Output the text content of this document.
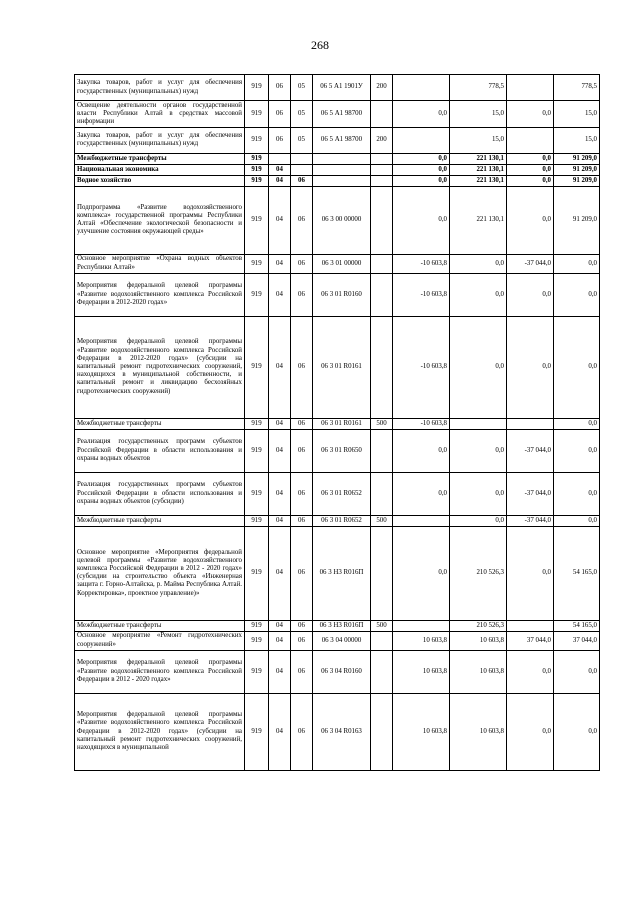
268
Закупка товаров, работ и услуг для обеспечения государственных (муниципальных) нужд	919	06	05	06 5 А1 1901У	200		778,5		778,5
Освещение деятельности органов государственной власти Республики Алтай в средствах массовой информации	919	06	05	06 5 А1 98700		0,0	15,0	0,0	15,0
Закупка товаров, работ и услуг для обеспечения государственных (муниципальных) нужд	919	06	05	06 5 А1 98700	200		15,0		15,0
Межбюджетные трансферты	919					0,0	221 130,1	0,0	91 209,0
Национальная экономика	919	04				0,0	221 130,1	0,0	91 209,0
Водное хозяйство	919	04	06			0,0	221 130,1	0,0	91 209,0
Подпрограмма «Развитие водохозяйственного комплекса» государственной программы Республики Алтай «Обеспечение экологической безопасности и улучшение состояния окружающей среды»	919	04	06	06 3 00 00000		0,0	221 130,1	0,0	91 209,0
Основное мероприятие «Охрана водных объектов Республики Алтай»	919	04	06	06 3 01 00000		-10 603,8	0,0	-37 044,0	0,0
Мероприятия федеральной целевой программы «Развитие водохозяйственного комплекса Российской Федерации в 2012-2020 годах»	919	04	06	06 3 01 R0160		-10 603,8	0,0	0,0	0,0
Мероприятия федеральной целевой программы «Развитие водохозяйственного комплекса Российской Федерации в 2012-2020 годах» (субсидии на капитальный ремонт гидротехнических сооружений, находящихся в муниципальной собственности, и капитальный ремонт и ликвидацию бесхозяйных гидротехнических сооружений)	919	04	06	06 3 01 R0161		-10 603,8	0,0	0,0	0,0
Межбюджетные трансферты	919	04	06	06 3 01 R0161	500	-10 603,8			0,0
Реализация государственных программ субъектов Российской Федерации в области использования и охраны водных объектов	919	04	06	06 3 01 R0650		0,0	0,0	-37 044,0	0,0
Реализация государственных программ субъектов Российской Федерации в области использования и охраны водных объектов (субсидии)	919	04	06	06 3 01 R0652		0,0	0,0	-37 044,0	0,0
Межбюджетные трансферты	919	04	06	06 3 01 R0652	500		0,0	-37 044,0	0,0
Основное мероприятие «Мероприятия федеральной целевой программы «Развитие водохозяйственного комплекса Российской Федерации в 2012 - 2020 годах» (субсидии на строительство объекта «Инженерная защита г. Горно-Алтайска, р. Майма Республика Алтай. Корректировка», проектное управление)»	919	04	06	06 3 Н3 R016П		0,0	210 526,3	0,0	54 165,0
Межбюджетные трансферты	919	04	06	06 3 Н3 R016П	500		210 526,3		54 165,0
Основное мероприятие «Ремонт гидротехнических сооружений»	919	04	06	06 3 04 00000		10 603,8	10 603,8	37 044,0	37 044,0
Мероприятия федеральной целевой программы «Развитие водохозяйственного комплекса Российской Федерации в 2012 - 2020 годах»	919	04	06	06 3 04 R0160		10 603,8	10 603,8	0,0	0,0
Мероприятия федеральной целевой программы «Развитие водохозяйственного комплекса Российской Федерации в 2012-2020 годах» (субсидии на капитальный ремонт гидротехнических сооружений, находящихся в муниципальной	919	04	06	06 3 04 R0163		10 603,8	10 603,8	0,0	0,0
